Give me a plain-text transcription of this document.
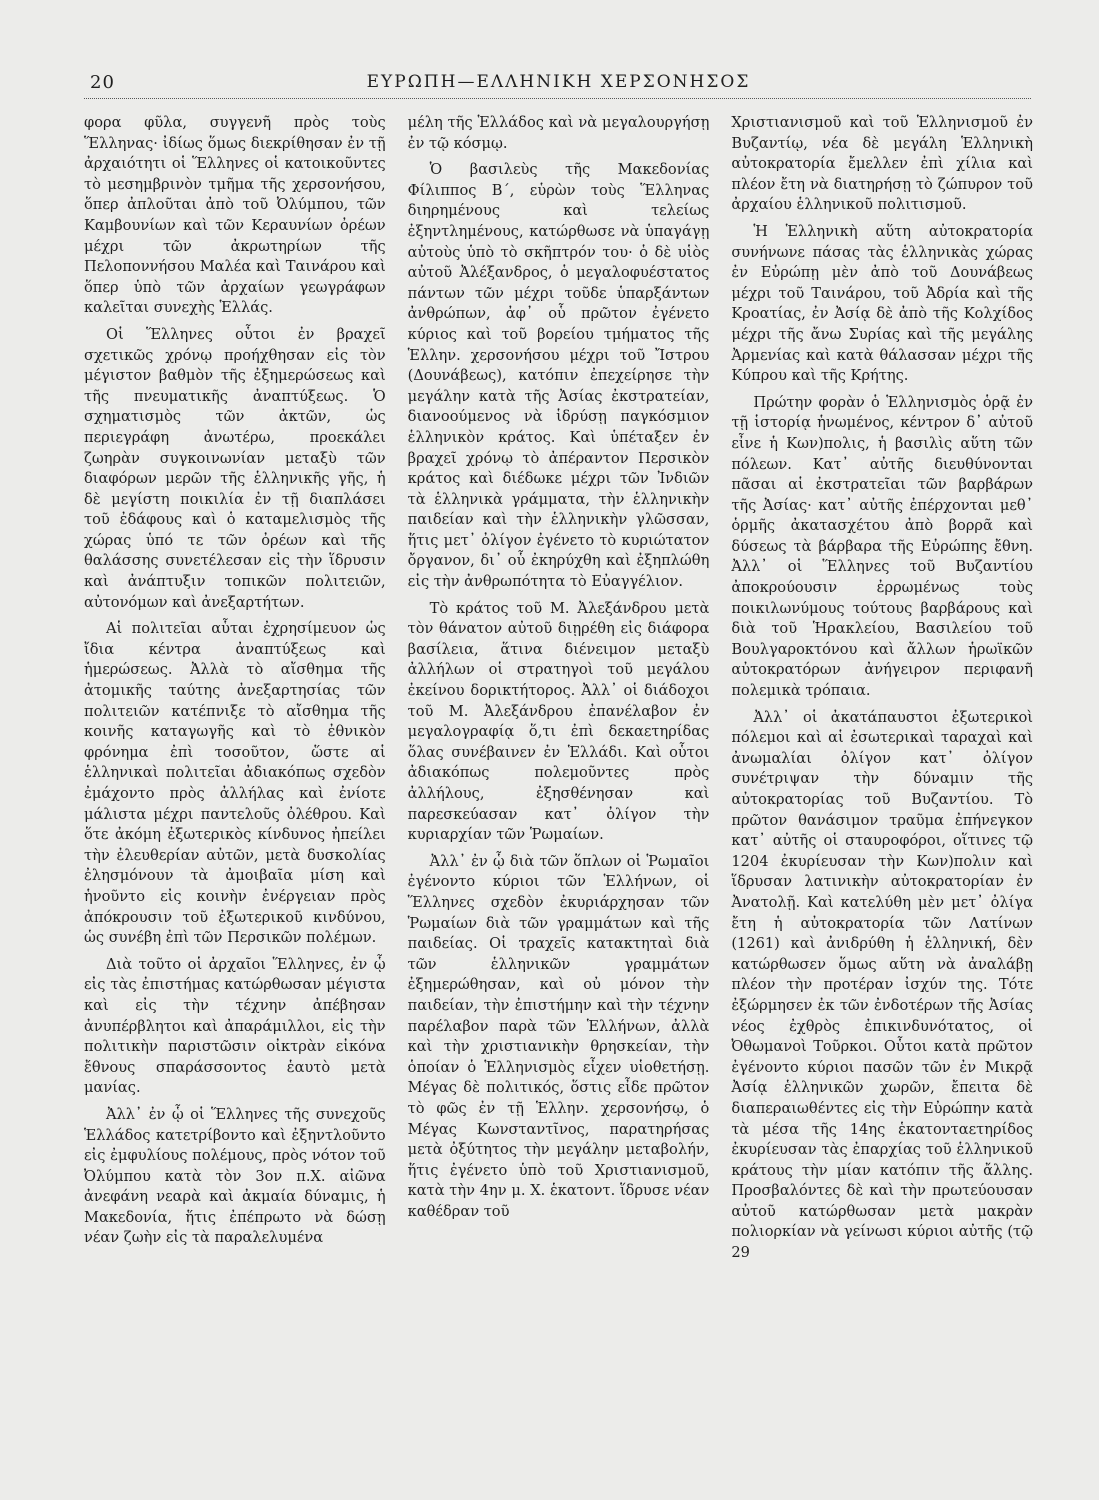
20	ΕΥΡΩΠΗ—ΕΛΛΗΝΙΚΗ ΧΕΡΣΟΝΗΣΟΣ

φορα φῦλα, συγγενῆ πρὸς τοὺς Ἕλληνας· ἰδίως ὅμως διεκρίθησαν ἐν τῇ ἀρχαιότητι οἱ Ἕλληνες οἱ κατοικοῦντες τὸ μεσημβρινὸν τμῆμα τῆς χερσονήσου, ὅπερ ἀπλοῦται ἀπὸ τοῦ Ὀλύμπου, τῶν Καμβουνίων καὶ τῶν Κεραυνίων ὀρέων μέχρι τῶν ἀκρωτηρίων τῆς Πελοποννήσου Μαλέα καὶ Ταινάρου καὶ ὅπερ ὑπὸ τῶν ἀρχαίων γεωγράφων καλεῖται συνεχὴς Ἑλλάς.

Οἱ Ἕλληνες οὗτοι ἐν βραχεῖ σχετικῶς χρόνῳ προήχθησαν εἰς τὸν μέγιστον βαθμὸν τῆς ἐξημερώσεως καὶ τῆς πνευματικῆς ἀναπτύξεως. Ὁ σχηματισμὸς τῶν ἀκτῶν, ὡς περιεγράφη ἀνωτέρω, προεκάλει ζωηρὰν συγκοινωνίαν μεταξὺ τῶν διαφόρων μερῶν τῆς ἑλληνικῆς γῆς, ἡ δὲ μεγίστη ποικιλία ἐν τῇ διαπλάσει τοῦ ἐδάφους καὶ ὁ καταμελισμὸς τῆς χώρας ὑπό τε τῶν ὀρέων καὶ τῆς θαλάσσης συνετέλεσαν εἰς τὴν ἵδρυσιν καὶ ἀνάπτυξιν τοπικῶν πολιτειῶν, αὐτονόμων καὶ ἀνεξαρτήτων.

Αἱ πολιτεῖαι αὗται ἐχρησίμευον ὡς ἴδια κέντρα ἀναπτύξεως καὶ ἡμερώσεως. Ἀλλὰ τὸ αἴσθημα τῆς ἀτομικῆς ταύτης ἀνεξαρτησίας τῶν πολιτειῶν κατέπνιξε τὸ αἴσθημα τῆς κοινῆς καταγωγῆς καὶ τὸ ἐθνικὸν φρόνημα ἐπὶ τοσοῦτον, ὥστε αἱ ἑλληνικαὶ πολιτεῖαι ἀδιακόπως σχεδὸν ἐμάχοντο πρὸς ἀλλήλας καὶ ἐνίοτε μάλιστα μέχρι παντελοῦς ὀλέθρου. Καὶ ὅτε ἀκόμη ἐξωτερικὸς κίνδυνος ἠπείλει τὴν ἐλευθερίαν αὐτῶν, μετὰ δυσκολίας ἐλησμόνουν τὰ ἀμοιβαῖα μίση καὶ ἡνοῦντο εἰς κοινὴν ἐνέργειαν πρὸς ἀπόκρουσιν τοῦ ἐξωτερικοῦ κινδύνου, ὡς συνέβη ἐπὶ τῶν Περσικῶν πολέμων.

Διὰ τοῦτο οἱ ἀρχαῖοι Ἕλληνες, ἐν ᾧ εἰς τὰς ἐπιστήμας κατώρθωσαν μέγιστα καὶ εἰς τὴν τέχνην ἀπέβησαν ἀνυπέρβλητοι καὶ ἀπαράμιλλοι, εἰς τὴν πολιτικὴν παριστῶσιν οἰκτρὰν εἰκόνα ἔθνους σπαράσσοντος ἑαυτὸ μετὰ μανίας.

Ἀλλ᾽ ἐν ᾧ οἱ Ἕλληνες τῆς συνεχοῦς Ἑλλάδος κατετρίβοντο καὶ ἐξηντλοῦντο εἰς ἐμφυλίους πολέμους, πρὸς νότον τοῦ Ὀλύμπου κατὰ τὸν 3ον π.Χ. αἰῶνα ἀνεφάνη νεαρὰ καὶ ἀκμαία δύναμις, ἡ Μακεδονία, ἥτις ἐπέπρωτο νὰ δώσῃ νέαν ζωὴν εἰς τὰ παραλελυμένα

μέλη τῆς Ἑλλάδος καὶ νὰ μεγαλουργήσῃ ἐν τῷ κόσμῳ.

Ὁ βασιλεὺς τῆς Μακεδονίας Φίλιππος Β´, εὑρὼν τοὺς Ἕλληνας διηρημένους καὶ τελείως ἐξηντλημένους, κατώρθωσε νὰ ὑπαγάγῃ αὐτοὺς ὑπὸ τὸ σκῆπτρόν του· ὁ δὲ υἱὸς αὐτοῦ Ἀλέξανδρος, ὁ μεγαλοφυέστατος πάντων τῶν μέχρι τοῦδε ὑπαρξάντων ἀνθρώπων, ἀφ᾽ οὗ πρῶτον ἐγένετο κύριος καὶ τοῦ βορείου τμήματος τῆς Ἑλλην. χερσονήσου μέχρι τοῦ Ἴστρου (Δουνάβεως), κατόπιν ἐπεχείρησε τὴν μεγάλην κατὰ τῆς Ἀσίας ἐκστρατείαν, διανοούμενος νὰ ἱδρύσῃ παγκόσμιον ἑλληνικὸν κράτος. Καὶ ὑπέταξεν ἐν βραχεῖ χρόνῳ τὸ ἀπέραντον Περσικὸν κράτος καὶ διέδωκε μέχρι τῶν Ἰνδιῶν τὰ ἑλληνικὰ γράμματα, τὴν ἑλληνικὴν παιδείαν καὶ τὴν ἑλληνικὴν γλῶσσαν, ἥτις μετ᾽ ὀλίγον ἐγένετο τὸ κυριώτατον ὄργανον, δι᾽ οὗ ἐκηρύχθη καὶ ἐξηπλώθη εἰς τὴν ἀνθρωπότητα τὸ Εὐαγγέλιον.

Τὸ κράτος τοῦ Μ. Ἀλεξάνδρου μετὰ τὸν θάνατον αὐτοῦ διῃρέθη εἰς διάφορα βασίλεια, ἅτινα διένειμον μεταξὺ ἀλλήλων οἱ στρατηγοὶ τοῦ μεγάλου ἐκείνου δορικτήτορος. Ἀλλ᾽ οἱ διάδοχοι τοῦ Μ. Ἀλεξάνδρου ἐπανέλαβον ἐν μεγαλογραφίᾳ ὅ,τι ἐπὶ δεκαετηρίδας ὅλας συνέβαινεν ἐν Ἑλλάδι. Καὶ οὗτοι ἀδιακόπως πολεμοῦντες πρὸς ἀλλήλους, ἐξησθένησαν καὶ παρεσκεύασαν κατ᾽ ὀλίγον τὴν κυριαρχίαν τῶν Ῥωμαίων.

Ἀλλ᾽ ἐν ᾧ διὰ τῶν ὅπλων οἱ Ῥωμαῖοι ἐγένοντο κύριοι τῶν Ἑλλήνων, οἱ Ἕλληνες σχεδὸν ἐκυριάρχησαν τῶν Ῥωμαίων διὰ τῶν γραμμάτων καὶ τῆς παιδείας. Οἱ τραχεῖς κατακτηταὶ διὰ τῶν ἑλληνικῶν γραμμάτων ἐξημερώθησαν, καὶ οὐ μόνον τὴν παιδείαν, τὴν ἐπιστήμην καὶ τὴν τέχνην παρέλαβον παρὰ τῶν Ἑλλήνων, ἀλλὰ καὶ τὴν χριστιανικὴν θρησκείαν, τὴν ὁποίαν ὁ Ἑλληνισμὸς εἶχεν υἱοθετήσῃ. Μέγας δὲ πολιτικός, ὅστις εἶδε πρῶτον τὸ φῶς ἐν τῇ Ἑλλην. χερσονήσῳ, ὁ Μέγας Κωνσταντῖνος, παρατηρήσας μετὰ ὀξύτητος τὴν μεγάλην μεταβολήν, ἥτις ἐγένετο ὑπὸ τοῦ Χριστιανισμοῦ, κατὰ τὴν 4ην μ. Χ. ἑκατοντ. ἵδρυσε νέαν καθέδραν τοῦ

Χριστιανισμοῦ καὶ τοῦ Ἑλληνισμοῦ ἐν Βυζαντίῳ, νέα δὲ μεγάλη Ἑλληνικὴ αὐτοκρατορία ἔμελλεν ἐπὶ χίλια καὶ πλέον ἔτη νὰ διατηρήσῃ τὸ ζώπυρον τοῦ ἀρχαίου ἑλληνικοῦ πολιτισμοῦ.

Ἡ Ἑλληνικὴ αὕτη αὐτοκρατορία συνήνωνε πάσας τὰς ἑλληνικὰς χώρας ἐν Εὐρώπῃ μὲν ἀπὸ τοῦ Δουνάβεως μέχρι τοῦ Ταινάρου, τοῦ Ἀδρία καὶ τῆς Κροατίας, ἐν Ἀσίᾳ δὲ ἀπὸ τῆς Κολχίδος μέχρι τῆς ἄνω Συρίας καὶ τῆς μεγάλης Ἀρμενίας καὶ κατὰ θάλασσαν μέχρι τῆς Κύπρου καὶ τῆς Κρήτης.

Πρώτην φορὰν ὁ Ἑλληνισμὸς ὁρᾷ ἐν τῇ ἱστορίᾳ ἡνωμένος, κέντρον δ᾽ αὐτοῦ εἶνε ἡ Κων)πολις, ἡ βασιλὶς αὕτη τῶν πόλεων. Κατ᾽ αὐτῆς διευθύνονται πᾶσαι αἱ ἐκστρατεῖαι τῶν βαρβάρων τῆς Ἀσίας· κατ᾽ αὐτῆς ἐπέρχονται μεθ᾽ ὁρμῆς ἀκατασχέτου ἀπὸ βορρᾶ καὶ δύσεως τὰ βάρβαρα τῆς Εὐρώπης ἔθνη. Ἀλλ᾽ οἱ Ἕλληνες τοῦ Βυζαντίου ἀποκρούουσιν ἐρρωμένως τοὺς ποικιλωνύμους τούτους βαρβάρους καὶ διὰ τοῦ Ἡρακλείου, Βασιλείου τοῦ Βουλγαροκτόνου καὶ ἄλλων ἡρωϊκῶν αὐτοκρατόρων ἀνήγειρον περιφανῆ πολεμικὰ τρόπαια.

Ἀλλ᾽ οἱ ἀκατάπαυστοι ἐξωτερικοὶ πόλεμοι καὶ αἱ ἐσωτερικαὶ ταραχαὶ καὶ ἀνωμαλίαι ὀλίγον κατ᾽ ὀλίγον συνέτριψαν τὴν δύναμιν τῆς αὐτοκρατορίας τοῦ Βυζαντίου. Τὸ πρῶτον θανάσιμον τραῦμα ἐπήνεγκον κατ᾽ αὐτῆς οἱ σταυροφόροι, οἵτινες τῷ 1204 ἐκυρίευσαν τὴν Κων)πολιν καὶ ἵδρυσαν λατινικὴν αὐτοκρατορίαν ἐν Ἀνατολῇ. Καὶ κατελύθη μὲν μετ᾽ ὀλίγα ἔτη ἡ αὐτοκρατορία τῶν Λατίνων (1261) καὶ ἀνιδρύθη ἡ ἑλληνική, δὲν κατώρθωσεν ὅμως αὕτη νὰ ἀναλάβῃ πλέον τὴν προτέραν ἰσχύν της. Τότε ἐξώρμησεν ἐκ τῶν ἐνδοτέρων τῆς Ἀσίας νέος ἐχθρὸς ἐπικινδυνότατος, οἱ Ὀθωμανοὶ Τοῦρκοι. Οὗτοι κατὰ πρῶτον ἐγένοντο κύριοι πασῶν τῶν ἐν Μικρᾷ Ἀσίᾳ ἑλληνικῶν χωρῶν, ἔπειτα δὲ διαπεραιωθέντες εἰς τὴν Εὐρώπην κατὰ τὰ μέσα τῆς 14ης ἑκατονταετηρίδος ἐκυρίευσαν τὰς ἐπαρχίας τοῦ ἑλληνικοῦ κράτους τὴν μίαν κατόπιν τῆς ἄλλης. Προσβαλόντες δὲ καὶ τὴν πρωτεύουσαν αὐτοῦ κατώρθωσαν μετὰ μακρὰν πολιορκίαν νὰ γείνωσι κύριοι αὐτῆς (τῷ 29
